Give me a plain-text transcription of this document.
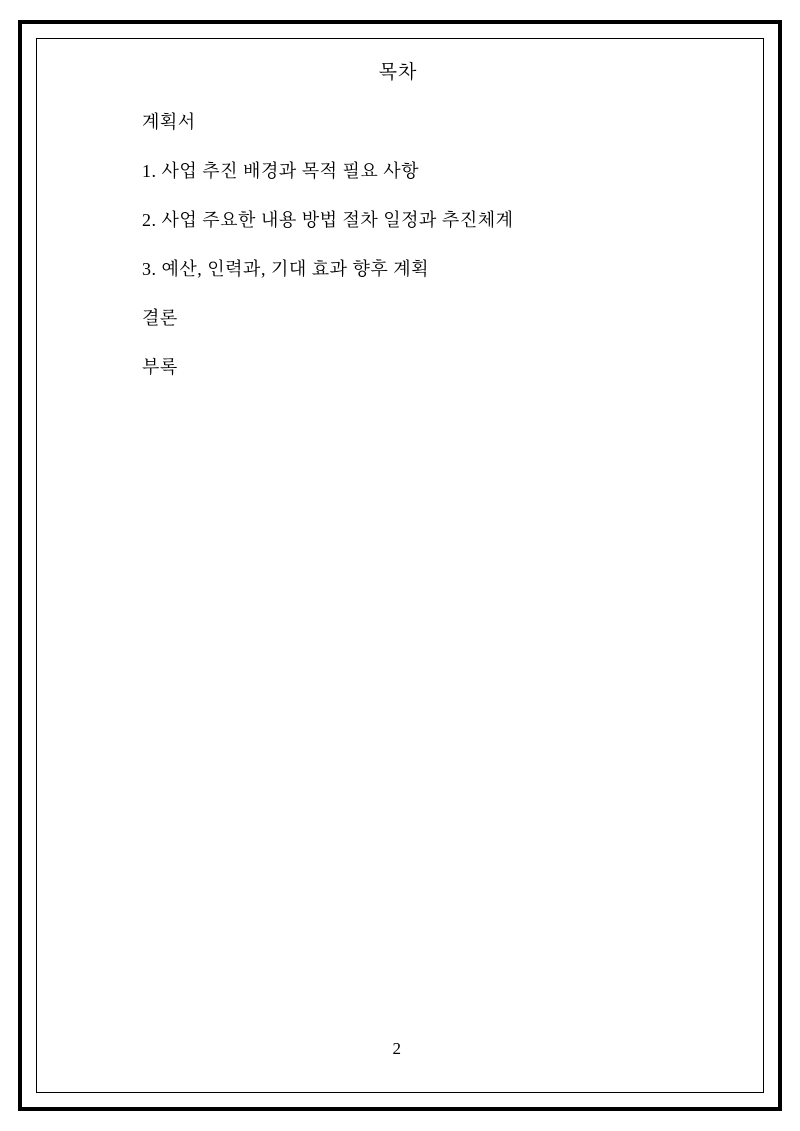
목차
계획서
1. 사업 추진 배경과 목적 필요 사항
2. 사업 주요한 내용 방법 절차 일정과 추진체계
3. 예산, 인력과, 기대 효과 향후 계획
결론
부록
2
